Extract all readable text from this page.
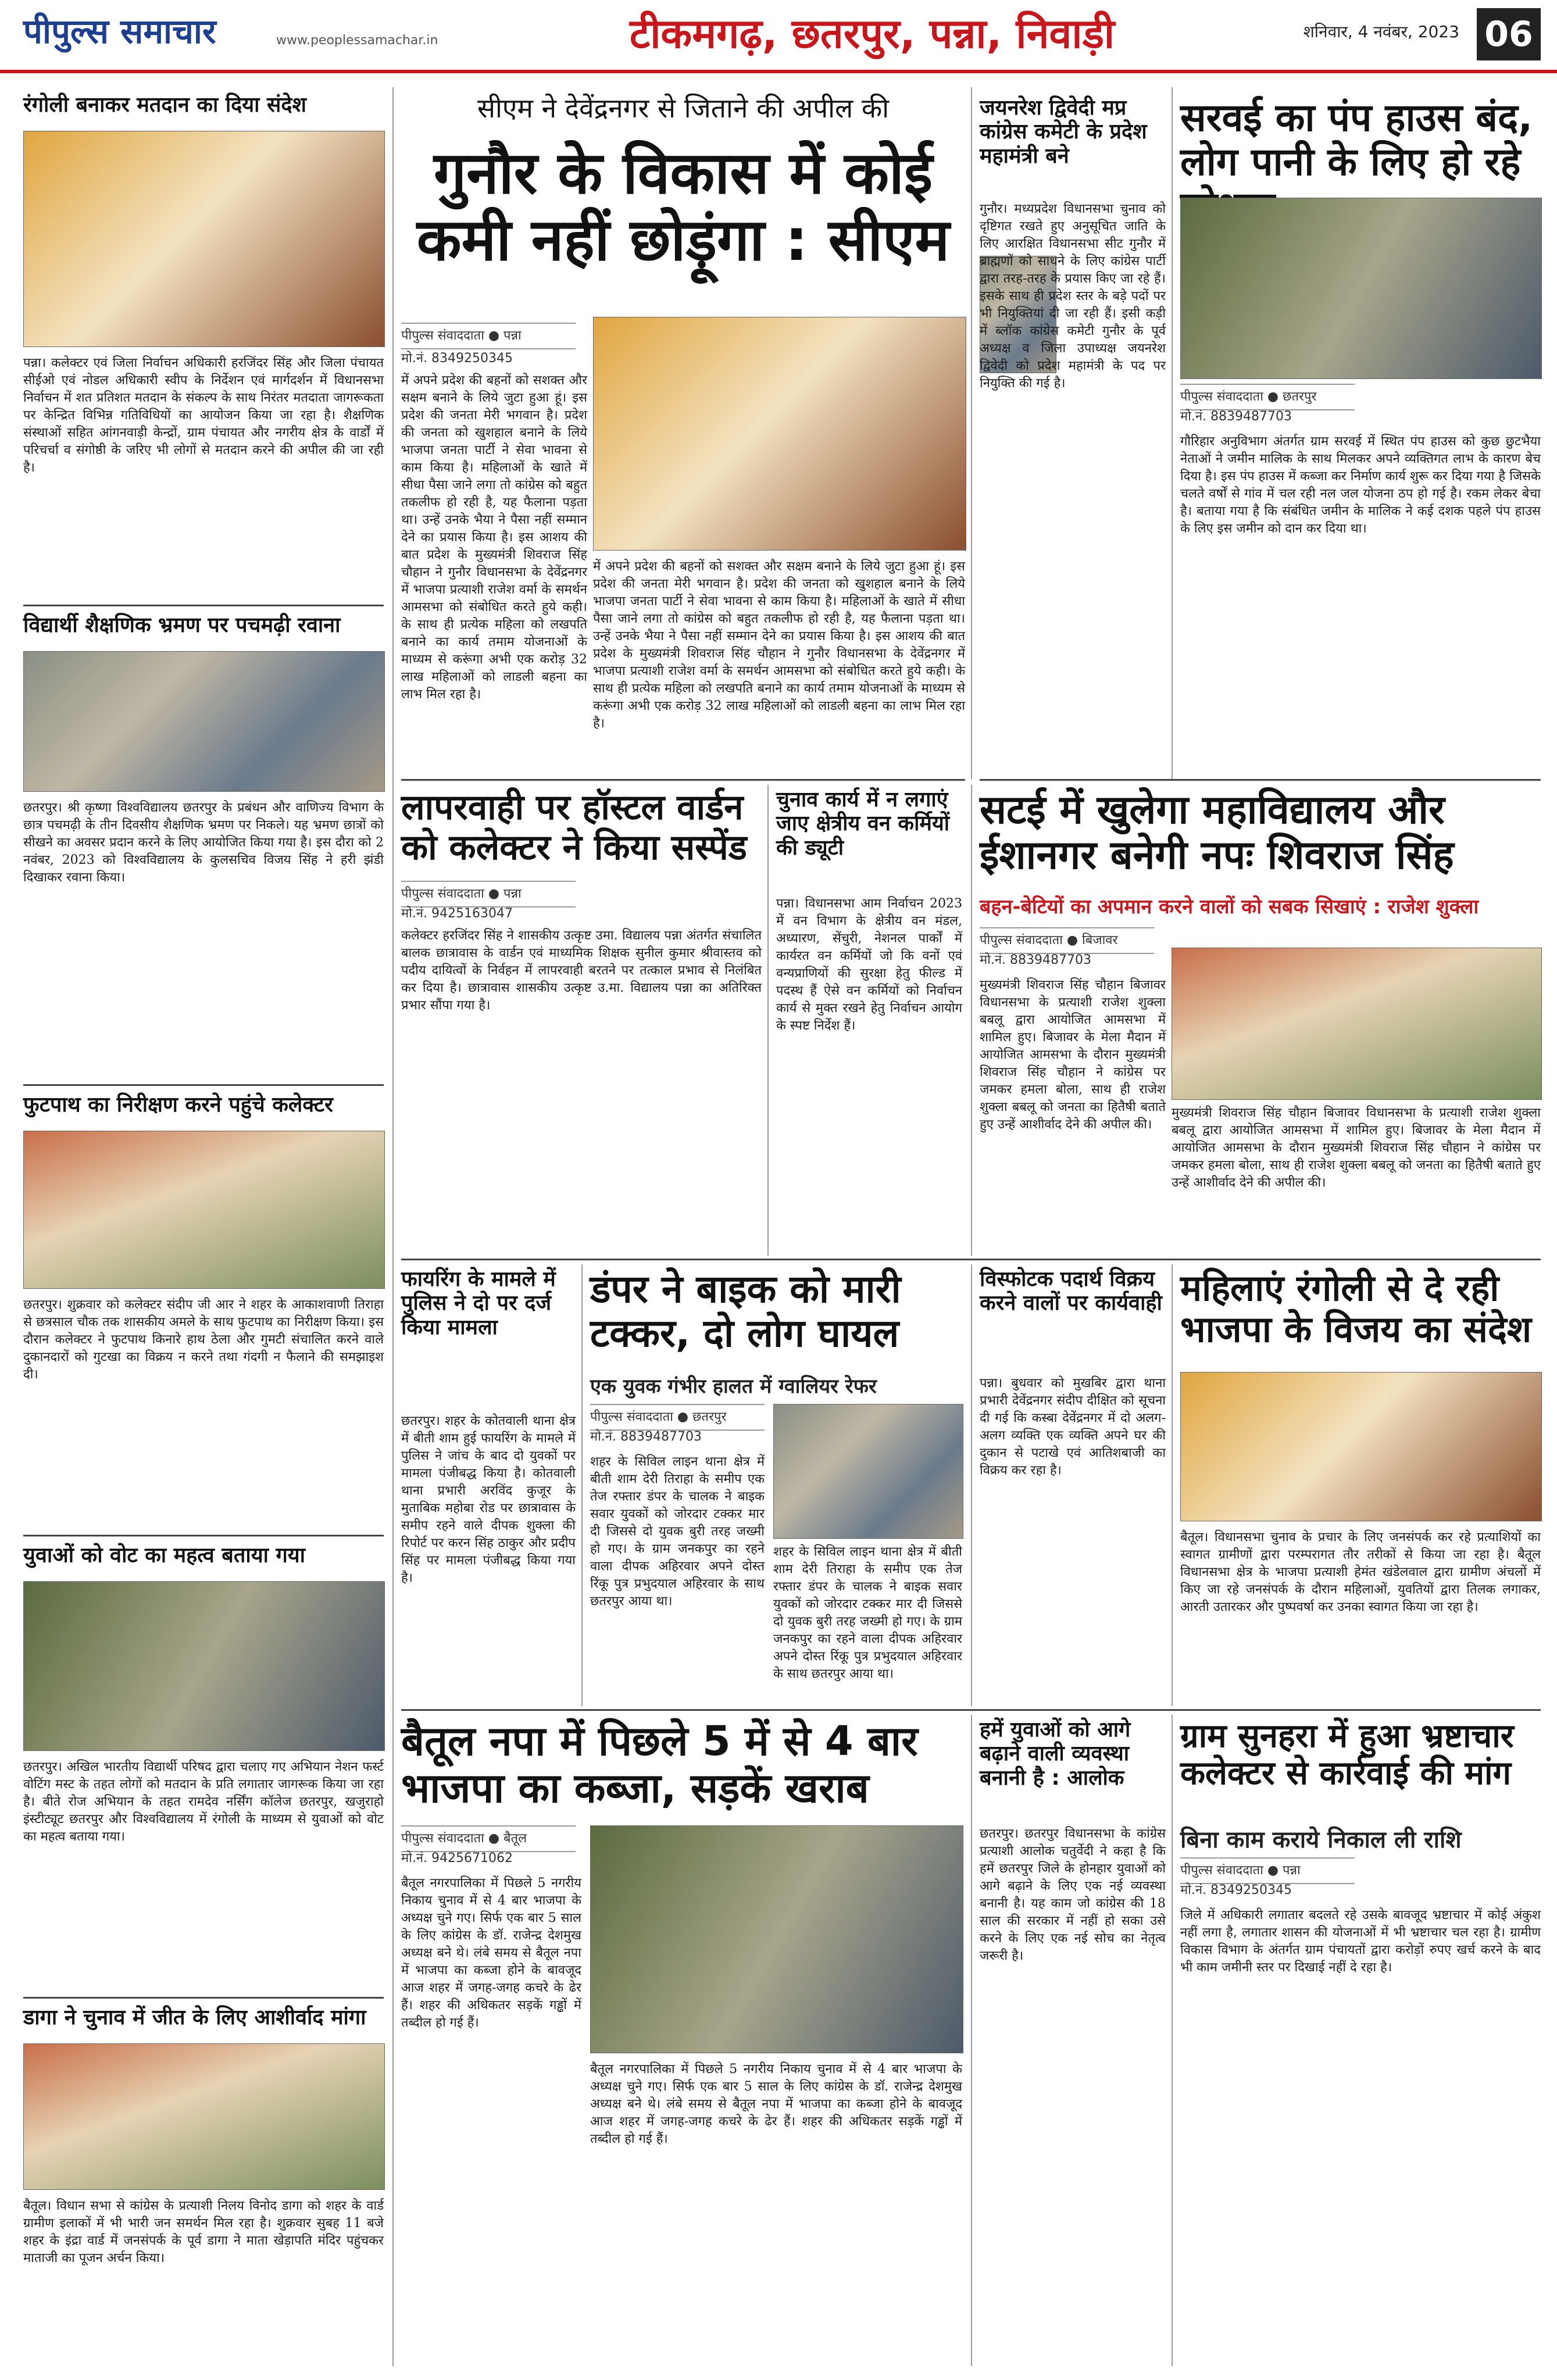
पीपुल्स समाचार	www.peoplessamachar.in	टीकमगढ़, छतरपुर, पन्ना, निवाड़ी	शनिवार, 4 नवंबर, 2023 06
रंगोली बनाकर मतदान का दिया संदेश
पन्ना। कलेक्टर एवं जिला निर्वाचन अधिकारी हरजिंदर सिंह और जिला पंचायत सीईओ एवं नोडल अधिकारी स्वीप के निर्देशन एवं मार्गदर्शन में विधानसभा निर्वाचन में शत प्रतिशत मतदान के संकल्प के साथ निरंतर मतदाता जागरूकता पर केन्द्रित विभिन्न गतिविधियों का आयोजन किया जा रहा है। शैक्षणिक संस्थाओं सहित आंगनवाड़ी केन्द्रों, ग्राम पंचायत और नगरीय क्षेत्र के वार्डों में परिचर्चा व संगोष्ठी के जरिए भी लोगों से मतदान करने की अपील की जा रही है।
विद्यार्थी शैक्षणिक भ्रमण पर पचमढ़ी रवाना
छतरपुर। श्री कृष्णा विश्वविद्यालय छतरपुर के प्रबंधन और वाणिज्य विभाग के छात्र पचमढ़ी के तीन दिवसीय शैक्षणिक भ्रमण पर निकले। यह भ्रमण छात्रों को सीखने का अवसर प्रदान करने के लिए आयोजित किया गया है। इस दौरा को 2 नवंबर, 2023 को विश्वविद्यालय के कुलसचिव विजय सिंह ने हरी झंडी दिखाकर रवाना किया।
फुटपाथ का निरीक्षण करने पहुंचे कलेक्टर
छतरपुर। शुक्रवार को कलेक्टर संदीप जी आर ने शहर के आकाशवाणी तिराहा से छत्रसाल चौक तक शासकीय अमले के साथ फुटपाथ का निरीक्षण किया। इस दौरान कलेक्टर ने फुटपाथ किनारे हाथ ठेला और गुमटी संचालित करने वाले दुकानदारों को गुटखा का विक्रय न करने तथा गंदगी न फैलाने की समझाइश दी।
युवाओं को वोट का महत्व बताया गया
छतरपुर। अखिल भारतीय विद्यार्थी परिषद द्वारा चलाए गए अभियान नेशन फर्स्ट वोटिंग मस्ट के तहत लोगों को मतदान के प्रति लगातार जागरूक किया जा रहा है। बीते रोज अभियान के तहत रामदेव नर्सिंग कॉलेज छतरपुर, खजुराहो इंस्टीट्यूट छतरपुर और विश्वविद्यालय में रंगोली के माध्यम से युवाओं को वोट का महत्व बताया गया।
डागा ने चुनाव में जीत के लिए आशीर्वाद मांगा
बैतूल। विधान सभा से कांग्रेस के प्रत्याशी निलय विनोद डागा को शहर के वार्ड ग्रामीण इलाकों में भी भारी जन समर्थन मिल रहा है। शुक्रवार सुबह 11 बजे शहर के इंद्रा वार्ड में जनसंपर्क के पूर्व डागा ने माता खेड़ापति मंदिर पहुंचकर माताजी का पूजन अर्चन किया।
सीएम ने देवेंद्रनगर से जिताने की अपील की
गुनौर के विकास में कोई कमी नहीं छोड़ूंगा : सीएम
पीपुल्स संवाददाता ● पन्ना
मो.नं. 8349250345
में अपने प्रदेश की बहनों को सशक्त और सक्षम बनाने के लिये जुटा हुआ हूं। इस प्रदेश की जनता मेरी भगवान है। प्रदेश की जनता को खुशहाल बनाने के लिये भाजपा जनता पार्टी ने सेवा भावना से काम किया है। महिलाओं के खाते में सीधा पैसा जाने लगा तो कांग्रेस को बहुत तकलीफ हो रही है, यह फैलाना पड़ता था। उन्हें उनके भैया ने पैसा नहीं सम्मान देने का प्रयास किया है। इस आशय की बात प्रदेश के मुख्यमंत्री शिवराज सिंह चौहान ने गुनौर विधानसभा के देवेंद्रनगर में भाजपा प्रत्याशी राजेश वर्मा के समर्थन आमसभा को संबोधित करते हुये कही। के साथ ही प्रत्येक महिला को लखपति बनाने का कार्य तमाम योजनाओं के माध्यम से करूंगा अभी एक करोड़ 32 लाख महिलाओं को लाडली बहना का लाभ मिल रहा है।
में अपने प्रदेश की बहनों को सशक्त और सक्षम बनाने के लिये जुटा हुआ हूं। इस प्रदेश की जनता मेरी भगवान है। प्रदेश की जनता को खुशहाल बनाने के लिये भाजपा जनता पार्टी ने सेवा भावना से काम किया है। महिलाओं के खाते में सीधा पैसा जाने लगा तो कांग्रेस को बहुत तकलीफ हो रही है, यह फैलाना पड़ता था। उन्हें उनके भैया ने पैसा नहीं सम्मान देने का प्रयास किया है। इस आशय की बात प्रदेश के मुख्यमंत्री शिवराज सिंह चौहान ने गुनौर विधानसभा के देवेंद्रनगर में भाजपा प्रत्याशी राजेश वर्मा के समर्थन आमसभा को संबोधित करते हुये कही। के साथ ही प्रत्येक महिला को लखपति बनाने का कार्य तमाम योजनाओं के माध्यम से करूंगा अभी एक करोड़ 32 लाख महिलाओं को लाडली बहना का लाभ मिल रहा है।
जयनरेश द्विवेदी मप्र कांग्रेस कमेटी के प्रदेश महामंत्री बने
गुनौर। मध्यप्रदेश विधानसभा चुनाव को दृष्टिगत रखते हुए अनुसूचित जाति के लिए आरक्षित विधानसभा सीट गुनौर में ब्राह्मणों को साधने के लिए कांग्रेस पार्टी द्वारा तरह-तरह के प्रयास किए जा रहे हैं। इसके साथ ही प्रदेश स्तर के बड़े पदों पर भी नियुक्तियां दी जा रही हैं। इसी कड़ी में ब्लॉक कांग्रेस कमेटी गुनौर के पूर्व अध्यक्ष व जिला उपाध्यक्ष जयनरेश द्विवेदी को प्रदेश महामंत्री के पद पर नियुक्ति की गई है।
सरवई का पंप हाउस बंद, लोग पानी के लिए हो रहे
पीपुल्स संवाददाता ● छतरपुर
मो.नं. 8839487703
गौरिहार अनुविभाग अंतर्गत ग्राम सरवई में स्थित पंप हाउस को कुछ छुटभैया नेताओं ने जमीन मालिक के साथ मिलकर अपने व्यक्तिगत लाभ के कारण बेच दिया है। इस पंप हाउस में कब्जा कर निर्माण कार्य शुरू कर दिया गया है जिसके चलते वर्षों से गांव में चल रही नल जल योजना ठप हो गई है। रकम लेकर बेचा है। बताया गया है कि संबंधित जमीन के मालिक ने कई दशक पहले पंप हाउस के लिए इस जमीन को दान कर दिया था।
लापरवाही पर हॉस्टल वार्डन को कलेक्टर ने किया सस्पेंड
पीपुल्स संवाददाता ● पन्ना
मो.नं. 9425163047
कलेक्टर हरजिंदर सिंह ने शासकीय उत्कृष्ट उमा. विद्यालय पन्ना अंतर्गत संचालित बालक छात्रावास के वार्डन एवं माध्यमिक शिक्षक सुनील कुमार श्रीवास्तव को पदीय दायित्वों के निर्वहन में लापरवाही बरतने पर तत्काल प्रभाव से निलंबित कर दिया है। छात्रावास शासकीय उत्कृष्ट उ.मा. विद्यालय पन्ना का अतिरिक्त प्रभार सौंपा गया है।
चुनाव कार्य में न लगाएं जाए क्षेत्रीय वन कर्मियों की ड्यूटी
पन्ना। विधानसभा आम निर्वाचन 2023 में वन विभाग के क्षेत्रीय वन मंडल, अध्यारण, सेंचुरी, नेशनल पार्कों में कार्यरत वन कर्मियों जो कि वनों एवं वन्यप्राणियों की सुरक्षा हेतु फील्ड में पदस्थ हैं ऐसे वन कर्मियों को निर्वाचन कार्य से मुक्त रखने हेतु निर्वाचन आयोग के स्पष्ट निर्देश हैं।
सटई में खुलेगा महाविद्यालय और ईशानगर बनेगी नपः शिवराज सिंह
बहन-बेटियों का अपमान करने वालों को सबक सिखाएं : राजेश शुक्ला
पीपुल्स संवाददाता ● बिजावर
मो.नं. 8839487703
मुख्यमंत्री शिवराज सिंह चौहान बिजावर विधानसभा के प्रत्याशी राजेश शुक्ला बबलू द्वारा आयोजित आमसभा में शामिल हुए। बिजावर के मेला मैदान में आयोजित आमसभा के दौरान मुख्यमंत्री शिवराज सिंह चौहान ने कांग्रेस पर जमकर हमला बोला, साथ ही राजेश शुक्ला बबलू को जनता का हितैषी बताते हुए उन्हें आशीर्वाद देने की अपील की।
मुख्यमंत्री शिवराज सिंह चौहान बिजावर विधानसभा के प्रत्याशी राजेश शुक्ला बबलू द्वारा आयोजित आमसभा में शामिल हुए। बिजावर के मेला मैदान में आयोजित आमसभा के दौरान मुख्यमंत्री शिवराज सिंह चौहान ने कांग्रेस पर जमकर हमला बोला, साथ ही राजेश शुक्ला बबलू को जनता का हितैषी बताते हुए उन्हें आशीर्वाद देने की अपील की।
फायरिंग के मामले में पुलिस ने दो पर दर्ज किया मामला
छतरपुर। शहर के कोतवाली थाना क्षेत्र में बीती शाम हुई फायरिंग के मामले में पुलिस ने जांच के बाद दो युवकों पर मामला पंजीबद्ध किया है। कोतवाली थाना प्रभारी अरविंद कुजूर के मुताबिक महोबा रोड पर छात्रावास के समीप रहने वाले दीपक शुक्ला की रिपोर्ट पर करन सिंह ठाकुर और प्रदीप सिंह पर मामला पंजीबद्ध किया गया है।
डंपर ने बाइक को मारी टक्कर, दो लोग घायल
एक युवक गंभीर हालत में ग्वालियर रेफर
पीपुल्स संवाददाता ● छतरपुर
मो.नं. 8839487703
शहर के सिविल लाइन थाना क्षेत्र में बीती शाम देरी तिराहा के समीप एक तेज रफ्तार डंपर के चालक ने बाइक सवार युवकों को जोरदार टक्कर मार दी जिससे दो युवक बुरी तरह जख्मी हो गए। के ग्राम जनकपुर का रहने वाला दीपक अहिरवार अपने दोस्त रिंकू पुत्र प्रभुदयाल अहिरवार के साथ छतरपुर आया था।
शहर के सिविल लाइन थाना क्षेत्र में बीती शाम देरी तिराहा के समीप एक तेज रफ्तार डंपर के चालक ने बाइक सवार युवकों को जोरदार टक्कर मार दी जिससे दो युवक बुरी तरह जख्मी हो गए। के ग्राम जनकपुर का रहने वाला दीपक अहिरवार अपने दोस्त रिंकू पुत्र प्रभुदयाल अहिरवार के साथ छतरपुर आया था।
विस्फोटक पदार्थ विक्रय करने वालों पर कार्यवाही
पन्ना। बुधवार को मुखबिर द्वारा थाना प्रभारी देवेंद्रनगर संदीप दीक्षित को सूचना दी गई कि कस्बा देवेंद्रनगर में दो अलग-अलग व्यक्ति एक व्यक्ति अपने घर की दुकान से पटाखे एवं आतिशबाजी का विक्रय कर रहा है।
महिलाएं रंगोली से दे रही भाजपा के विजय का संदेश
बैतूल। विधानसभा चुनाव के प्रचार के लिए जनसंपर्क कर रहे प्रत्याशियों का स्वागत ग्रामीणों द्वारा परम्परागत तौर तरीकों से किया जा रहा है। बैतूल विधानसभा क्षेत्र के भाजपा प्रत्याशी हेमंत खंडेलवाल द्वारा ग्रामीण अंचलों में किए जा रहे जनसंपर्क के दौरान महिलाओं, युवतियों द्वारा तिलक लगाकर, आरती उतारकर और पुष्पवर्षा कर उनका स्वागत किया जा रहा है।
बैतूल नपा में पिछले 5 में से 4 बार भाजपा का कब्जा, सड़कें खराब
पीपुल्स संवाददाता ● बैतूल
मो.नं. 9425671062
बैतूल नगरपालिका में पिछले 5 नगरीय निकाय चुनाव में से 4 बार भाजपा के अध्यक्ष चुने गए। सिर्फ एक बार 5 साल के लिए कांग्रेस के डॉ. राजेन्द्र देशमुख अध्यक्ष बने थे। लंबे समय से बैतूल नपा में भाजपा का कब्जा होने के बावजूद आज शहर में जगह-जगह कचरे के ढेर हैं। शहर की अधिकतर सड़कें गड्ढों में तब्दील हो गई हैं।
बैतूल नगरपालिका में पिछले 5 नगरीय निकाय चुनाव में से 4 बार भाजपा के अध्यक्ष चुने गए। सिर्फ एक बार 5 साल के लिए कांग्रेस के डॉ. राजेन्द्र देशमुख अध्यक्ष बने थे। लंबे समय से बैतूल नपा में भाजपा का कब्जा होने के बावजूद आज शहर में जगह-जगह कचरे के ढेर हैं। शहर की अधिकतर सड़कें गड्ढों में तब्दील हो गई हैं।
हमें युवाओं को आगे बढ़ाने वाली व्यवस्था बनानी है : आलोक
छतरपुर। छतरपुर विधानसभा के कांग्रेस प्रत्याशी आलोक चतुर्वेदी ने कहा है कि हमें छतरपुर जिले के होनहार युवाओं को आगे बढ़ाने के लिए एक नई व्यवस्था बनानी है। यह काम जो कांग्रेस की 18 साल की सरकार में नहीं हो सका उसे करने के लिए एक नई सोच का नेतृत्व जरूरी है।
ग्राम सुनहरा में हुआ भ्रष्टाचार कलेक्टर से कार्रवाई की मांग
बिना काम कराये निकाल ली राशि
पीपुल्स संवाददाता ● पन्ना
मो.नं. 8349250345
जिले में अधिकारी लगातार बदलते रहे उसके बावजूद भ्रष्टाचार में कोई अंकुश नहीं लगा है, लगातार शासन की योजनाओं में भी भ्रष्टाचार चल रहा है। ग्रामीण विकास विभाग के अंतर्गत ग्राम पंचायतों द्वारा करोड़ों रुपए खर्च करने के बाद भी काम जमीनी स्तर पर दिखाई नहीं दे रहा है।
